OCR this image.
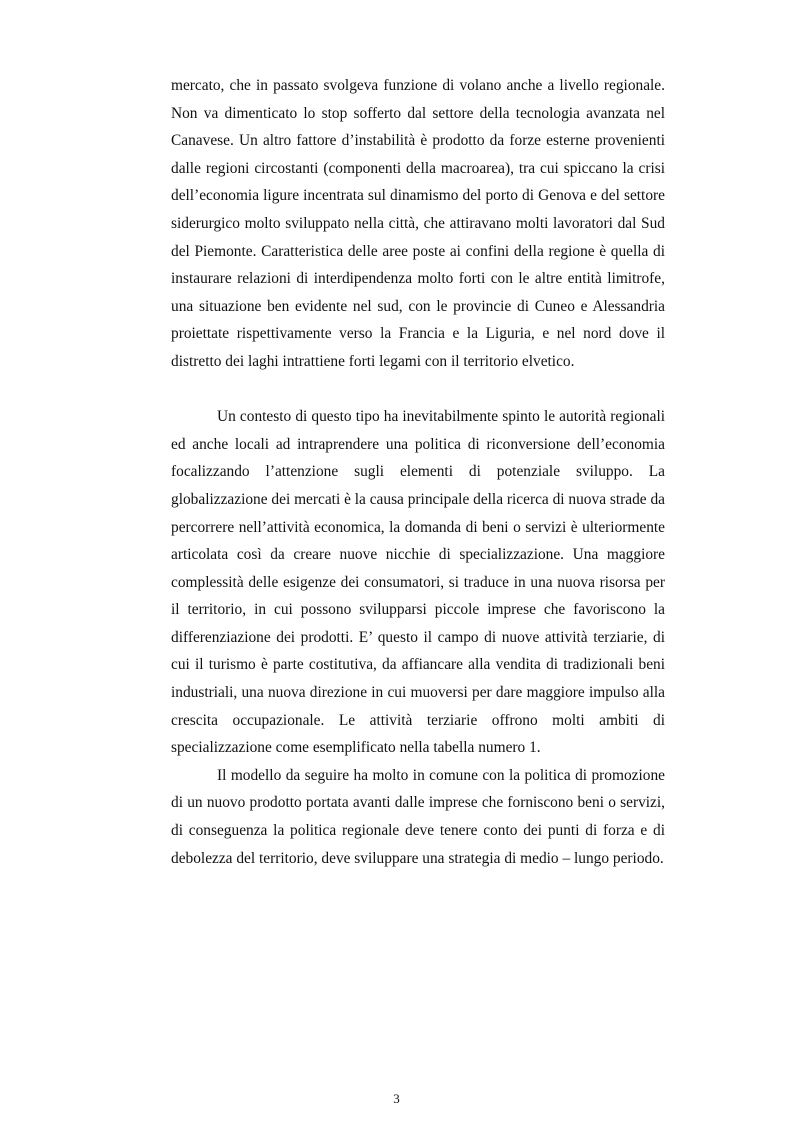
mercato, che in passato svolgeva funzione di volano anche a livello regionale. Non va dimenticato lo stop sofferto dal settore della tecnologia avanzata nel Canavese. Un altro fattore d’instabilità è prodotto da forze esterne provenienti dalle regioni circostanti (componenti della macroarea), tra cui spiccano la crisi dell’economia ligure incentrata sul dinamismo del porto di Genova e del settore siderurgico molto sviluppato nella città, che attiravano molti lavoratori dal Sud del Piemonte. Caratteristica delle aree poste ai confini della regione è quella di instaurare relazioni di interdipendenza molto forti con le altre entità limitrofe, una situazione ben evidente nel sud, con le provincie di Cuneo e Alessandria proiettate rispettivamente verso la Francia e la Liguria, e nel nord dove il distretto dei laghi intrattiene forti legami con il territorio elvetico.

Un contesto di questo tipo ha inevitabilmente spinto le autorità regionali ed anche locali ad intraprendere una politica di riconversione dell’economia focalizzando l’attenzione sugli elementi di potenziale sviluppo. La globalizzazione dei mercati è la causa principale della ricerca di nuova strade da percorrere nell’attività economica, la domanda di beni o servizi è ulteriormente articolata così da creare nuove nicchie di specializzazione. Una maggiore complessità delle esigenze dei consumatori, si traduce in una nuova risorsa per il territorio, in cui possono svilupparsi piccole imprese che favoriscono la differenziazione dei prodotti. E’ questo il campo di nuove attività terziarie, di cui il turismo è parte costitutiva, da affiancare alla vendita di tradizionali beni industriali, una nuova direzione in cui muoversi per dare maggiore impulso alla crescita occupazionale. Le attività terziarie offrono molti ambiti di specializzazione come esemplificato nella tabella numero 1.

Il modello da seguire ha molto in comune con la politica di promozione di un nuovo prodotto portata avanti dalle imprese che forniscono beni o servizi, di conseguenza la politica regionale deve tenere conto dei punti di forza e di debolezza del territorio, deve sviluppare una strategia di medio – lungo periodo.

3
